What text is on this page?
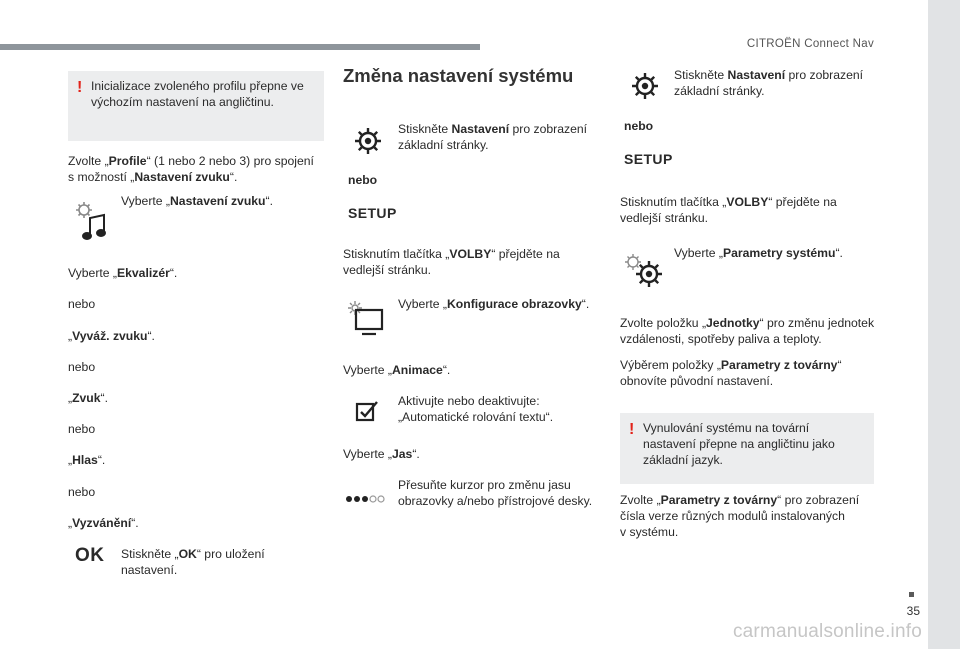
CITROËN Connect Nav
35
carmanualsonline.info
! Inicializace zvoleného profilu přepne ve výchozím nastavení na angličtinu.
Zvolte „Profile“ (1 nebo 2 nebo 3) pro spojení
s možností „Nastavení zvuku“.
Vyberte „Nastavení zvuku“.
Vyberte „Ekvalizér“.
nebo
„Vyváž. zvuku“.
nebo
„Zvuk“.
nebo
„Hlas“.
nebo
„Vyzvánění“.
OK Stiskněte „OK“ pro uložení
nastavení.
Změna nastavení systému
Stiskněte Nastavení pro zobrazení
základní stránky.
nebo
SETUP
Stisknutím tlačítka „VOLBY“ přejděte na
vedlejší stránku.
Vyberte „Konfigurace obrazovky“.
Vyberte „Animace“.
Aktivujte nebo deaktivujte:
„Automatické rolování textu“.
Vyberte „Jas“.
Přesuňte kurzor pro změnu jasu
obrazovky a/nebo přístrojové desky.
Stiskněte Nastavení pro zobrazení
základní stránky.
nebo
SETUP
Stisknutím tlačítka „VOLBY“ přejděte na
vedlejší stránku.
Vyberte „Parametry systému“.
Zvolte položku „Jednotky“ pro změnu jednotek
vzdálenosti, spotřeby paliva a teploty.
Výběrem položky „Parametry z továrny“
obnovíte původní nastavení.
! Vynulování systému na tovární nastavení přepne na angličtinu jako základní jazyk.
Zvolte „Parametry z továrny“ pro zobrazení
čísla verze různých modulů instalovaných
v systému.
